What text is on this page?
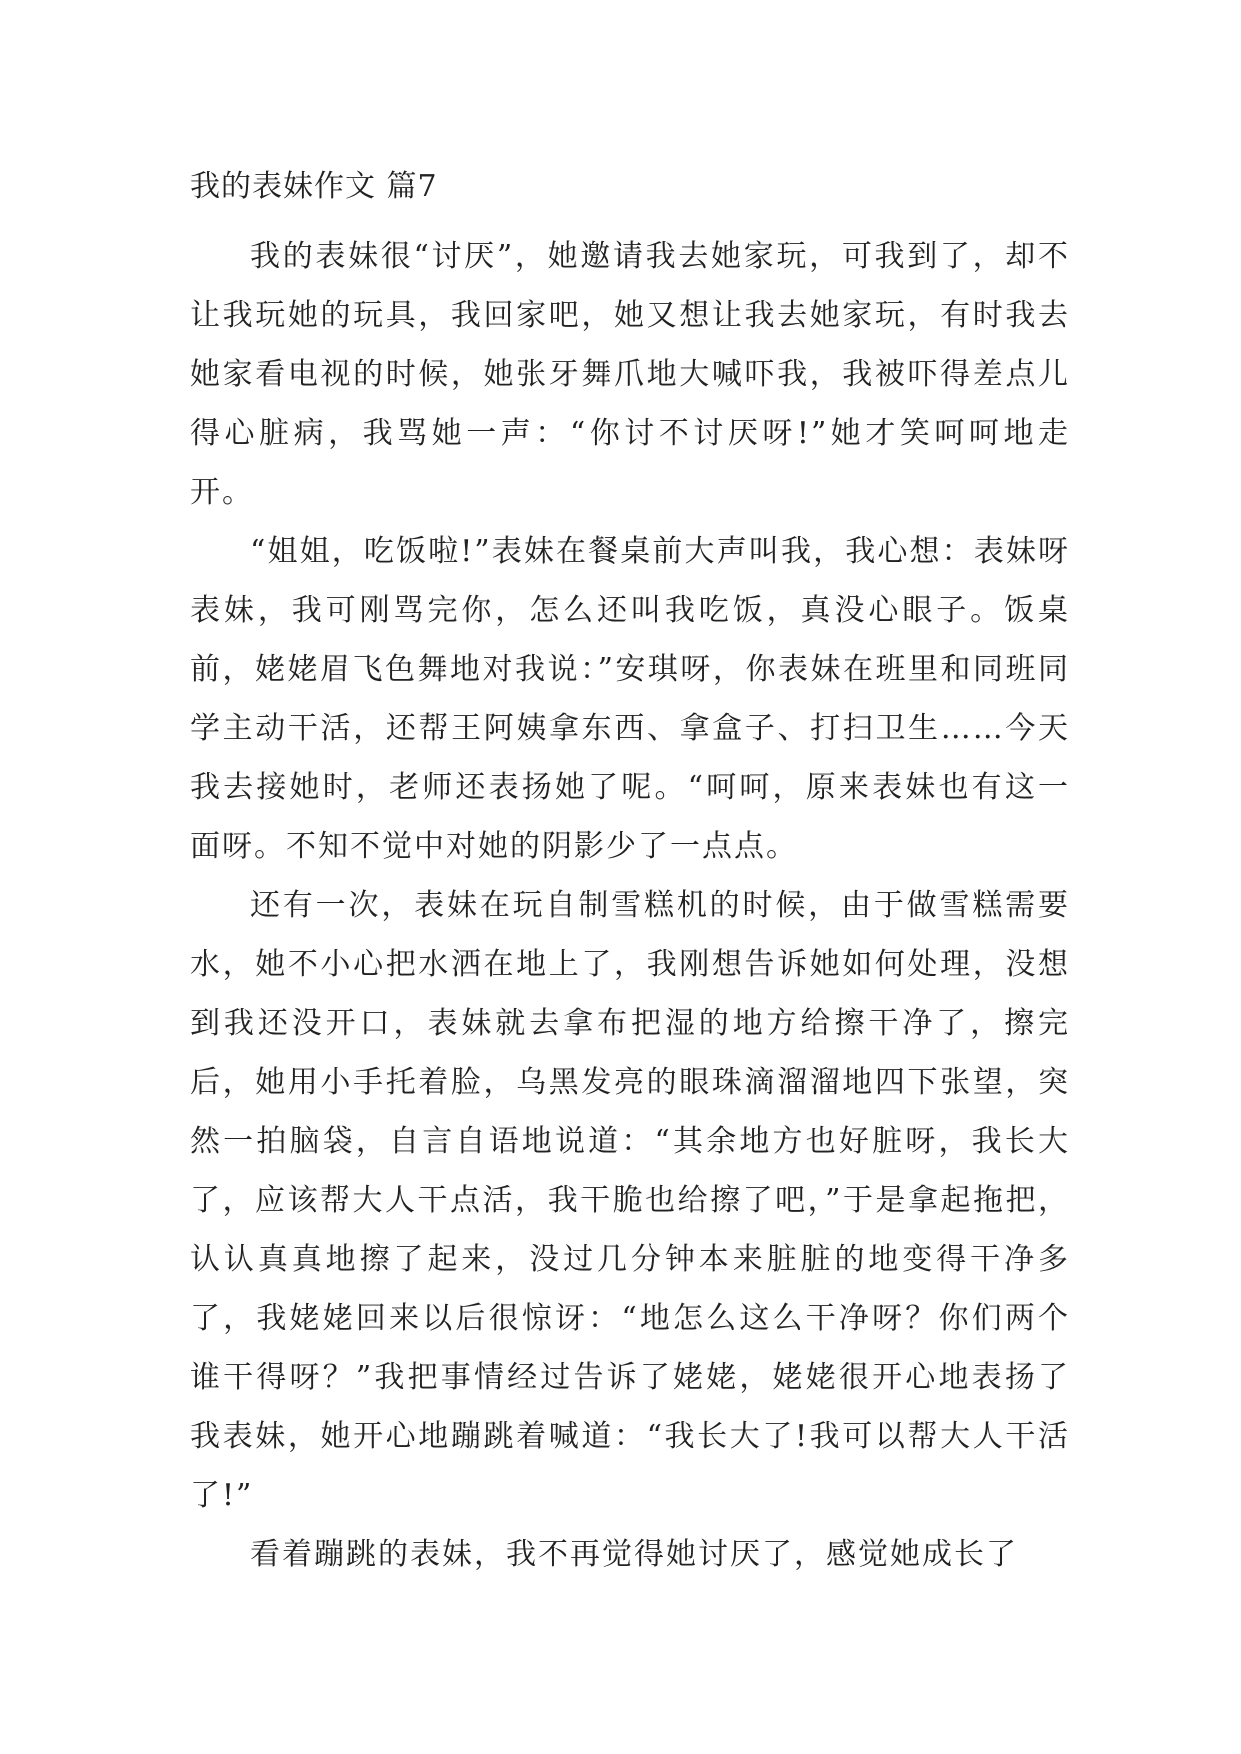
我的表妹作文 篇7

我的表妹很“讨厌”，她邀请我去她家玩，可我到了，却不让我玩她的玩具，我回家吧，她又想让我去她家玩，有时我去她家看电视的时候，她张牙舞爪地大喊吓我，我被吓得差点儿得心脏病，我骂她一声：“你讨不讨厌呀!”她才笑呵呵地走开。

“姐姐，吃饭啦!”表妹在餐桌前大声叫我，我心想：表妹呀表妹，我可刚骂完你，怎么还叫我吃饭，真没心眼子。饭桌前，姥姥眉飞色舞地对我说：”安琪呀，你表妹在班里和同班同学主动干活，还帮王阿姨拿东西、拿盒子、打扫卫生……今天我去接她时，老师还表扬她了呢。“呵呵，原来表妹也有这一面呀。不知不觉中对她的阴影少了一点点。

还有一次，表妹在玩自制雪糕机的时候，由于做雪糕需要水，她不小心把水洒在地上了，我刚想告诉她如何处理，没想到我还没开口，表妹就去拿布把湿的地方给擦干净了，擦完后，她用小手托着脸，乌黑发亮的眼珠滴溜溜地四下张望，突然一拍脑袋，自言自语地说道：“其余地方也好脏呀，我长大了，应该帮大人干点活，我干脆也给擦了吧，”于是拿起拖把，认认真真地擦了起来，没过几分钟本来脏脏的地变得干净多了，我姥姥回来以后很惊讶：“地怎么这么干净呀？你们两个谁干得呀？”我把事情经过告诉了姥姥，姥姥很开心地表扬了我表妹，她开心地蹦跳着喊道：“我长大了!我可以帮大人干活了!”

看着蹦跳的表妹，我不再觉得她讨厌了，感觉她成长了
